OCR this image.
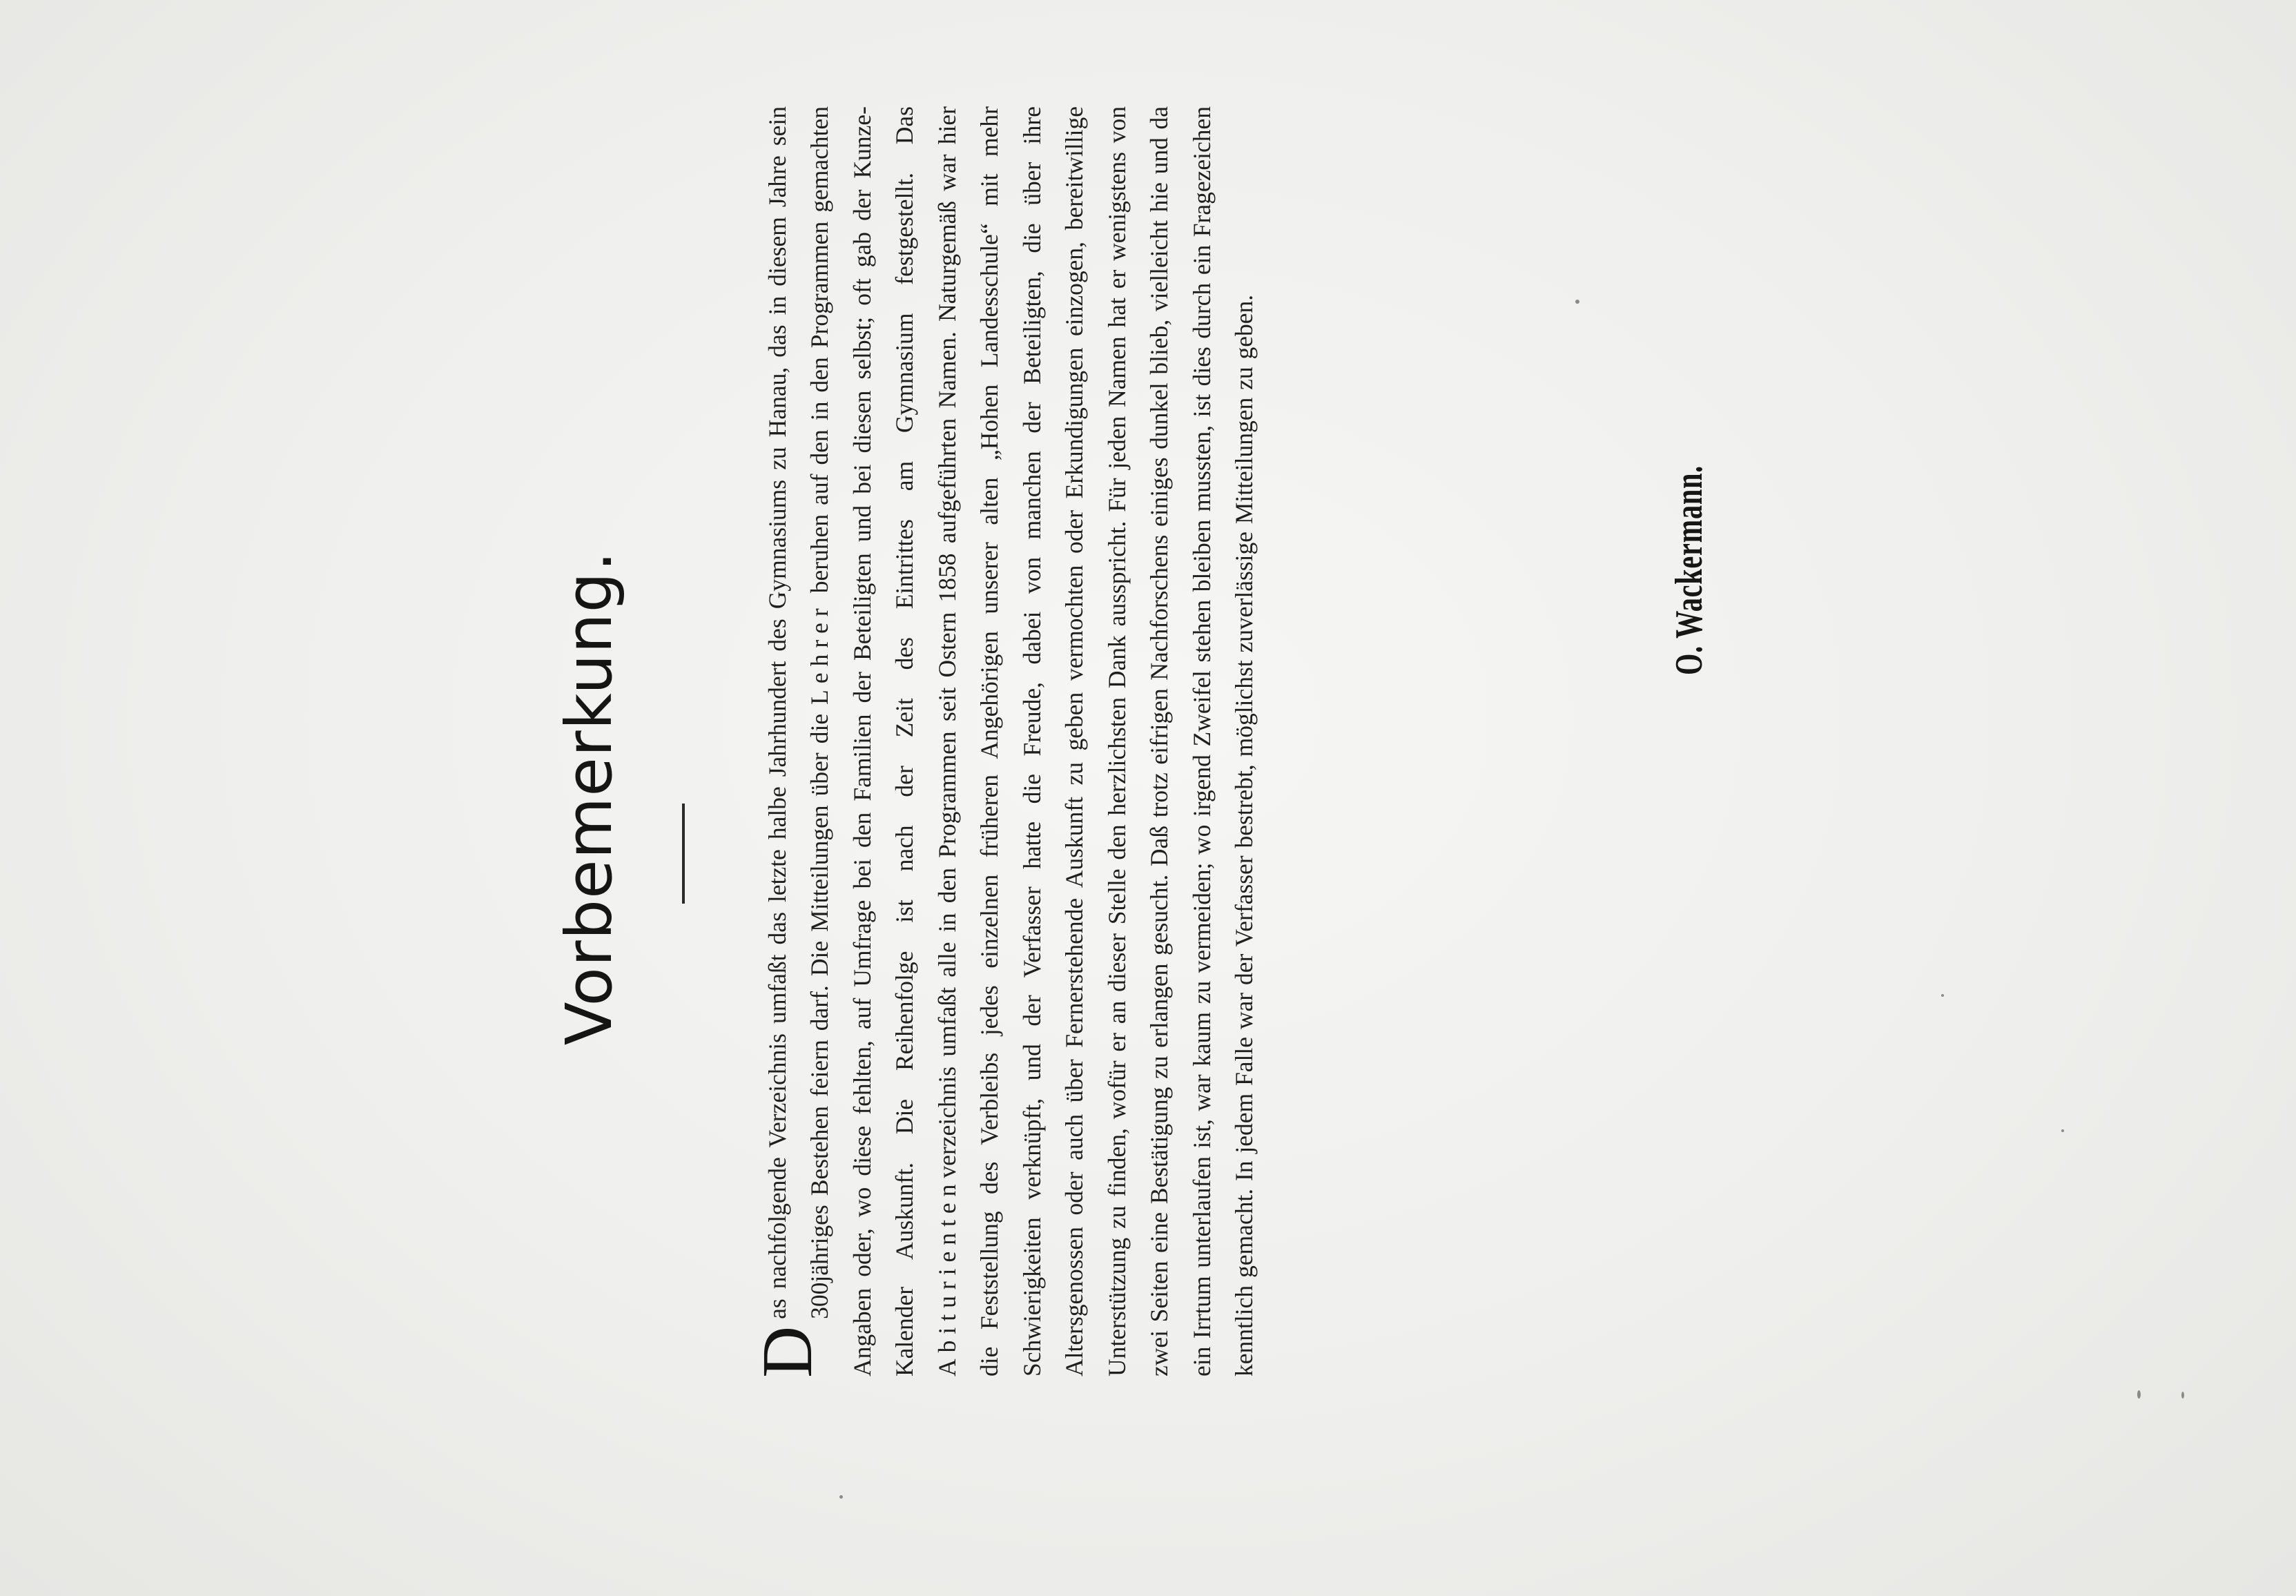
Vorbemerkung.

D
as nachfolgende Verzeichnis umfaßt das letzte halbe Jahrhundert des Gymnasiums zu Hanau, das in diesem Jahre sein 300jähriges Bestehen feiern darf. Die Mitteilungen über die Lehrer beruhen auf den in den Programmen gemachten Angaben oder, wo diese fehlten, auf Umfrage bei den Familien der Beteiligten und bei diesen selbst; oft gab der Kunze-Kalender Auskunft. Die Reihenfolge ist nach der Zeit des Eintrittes am Gymnasium festgestellt. Das Abiturientenverzeichnis umfaßt alle in den Programmen seit Ostern 1858 aufgeführten Namen. Naturgemäß war hier die Feststellung des Verbleibs jedes einzelnen früheren Angehörigen unserer alten „Hohen Landesschule“ mit mehr Schwierigkeiten verknüpft, und der Verfasser hatte die Freude, dabei von manchen der Beteiligten, die über ihre Altersgenossen oder auch über Fernerstehende Auskunft zu geben vermochten oder Erkundigungen einzogen, bereitwillige Unterstützung zu finden, wofür er an dieser Stelle den herzlichsten Dank ausspricht. Für jeden Namen hat er wenigstens von zwei Seiten eine Bestätigung zu erlangen gesucht. Daß trotz eifrigen Nachforschens einiges dunkel blieb, vielleicht hie und da ein Irrtum unterlaufen ist, war kaum zu vermeiden; wo irgend Zweifel stehen bleiben mussten, ist dies durch ein Fragezeichen kenntlich gemacht. In jedem Falle war der Verfasser bestrebt, möglichst zuverlässige Mitteilungen zu geben.	O. Wackermann.
